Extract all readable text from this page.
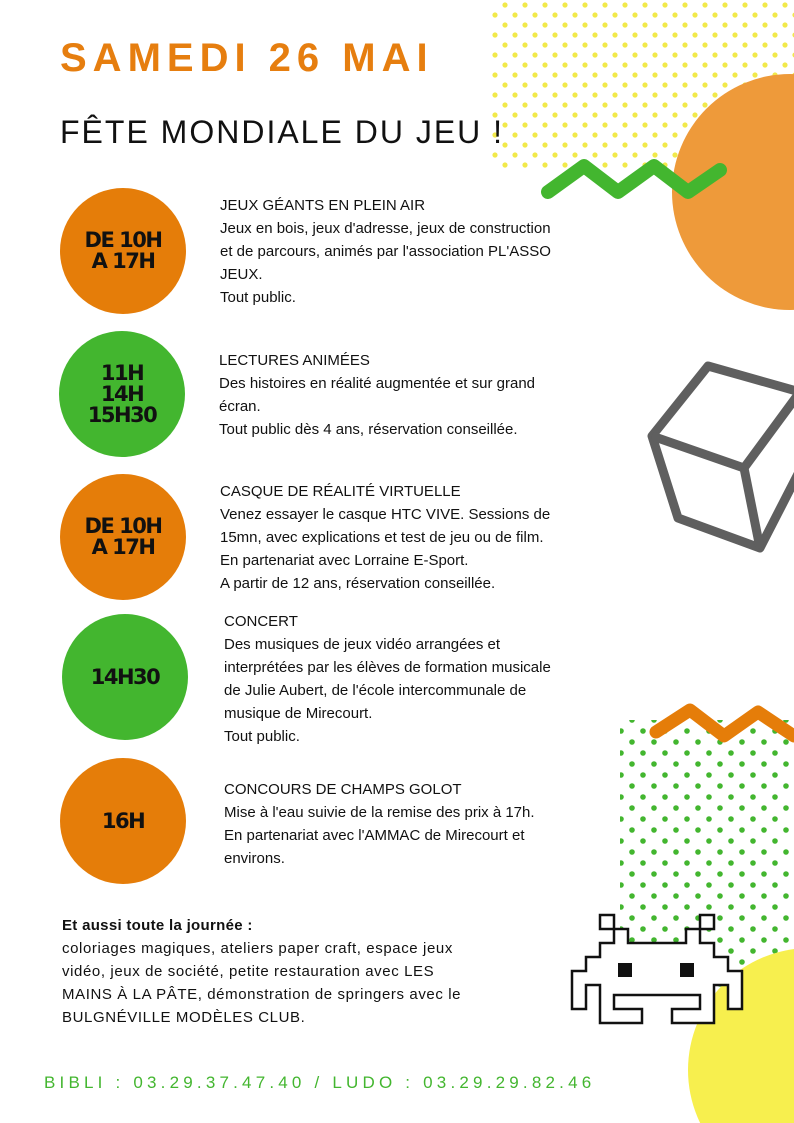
SAMEDI 26 MAI
FÊTE MONDIALE DU JEU !
DE 10H
A 17H
JEUX GÉANTS EN PLEIN AIR
Jeux en bois, jeux d'adresse, jeux de construction
et de parcours, animés par l'association PL'ASSO
JEUX.
Tout public.
11H
14H
15H30
LECTURES ANIMÉES
Des histoires en réalité augmentée et sur grand
écran.
Tout public dès 4 ans, réservation conseillée.
DE 10H
A 17H
CASQUE DE RÉALITÉ VIRTUELLE
Venez essayer le casque HTC VIVE. Sessions de
15mn, avec explications et test de jeu ou de film.
En partenariat avec Lorraine E-Sport.
A partir de 12 ans, réservation conseillée.
14H30
CONCERT
Des musiques de jeux vidéo arrangées et
interprétées par les élèves de formation musicale
de Julie Aubert, de l'école intercommunale de
musique de Mirecourt.
Tout public.
16H
CONCOURS DE CHAMPS GOLOT
Mise à l'eau suivie de la remise des prix à 17h.
En partenariat avec l'AMMAC de Mirecourt et
environs.
Et aussi toute la journée :
coloriages magiques, ateliers paper craft, espace jeux
vidéo, jeux de société, petite restauration avec LES
MAINS À LA PÂTE, démonstration de springers avec le
BULGNÉVILLE MODÈLES CLUB.
BIBLI : 03.29.37.47.40 / LUDO : 03.29.29.82.46
